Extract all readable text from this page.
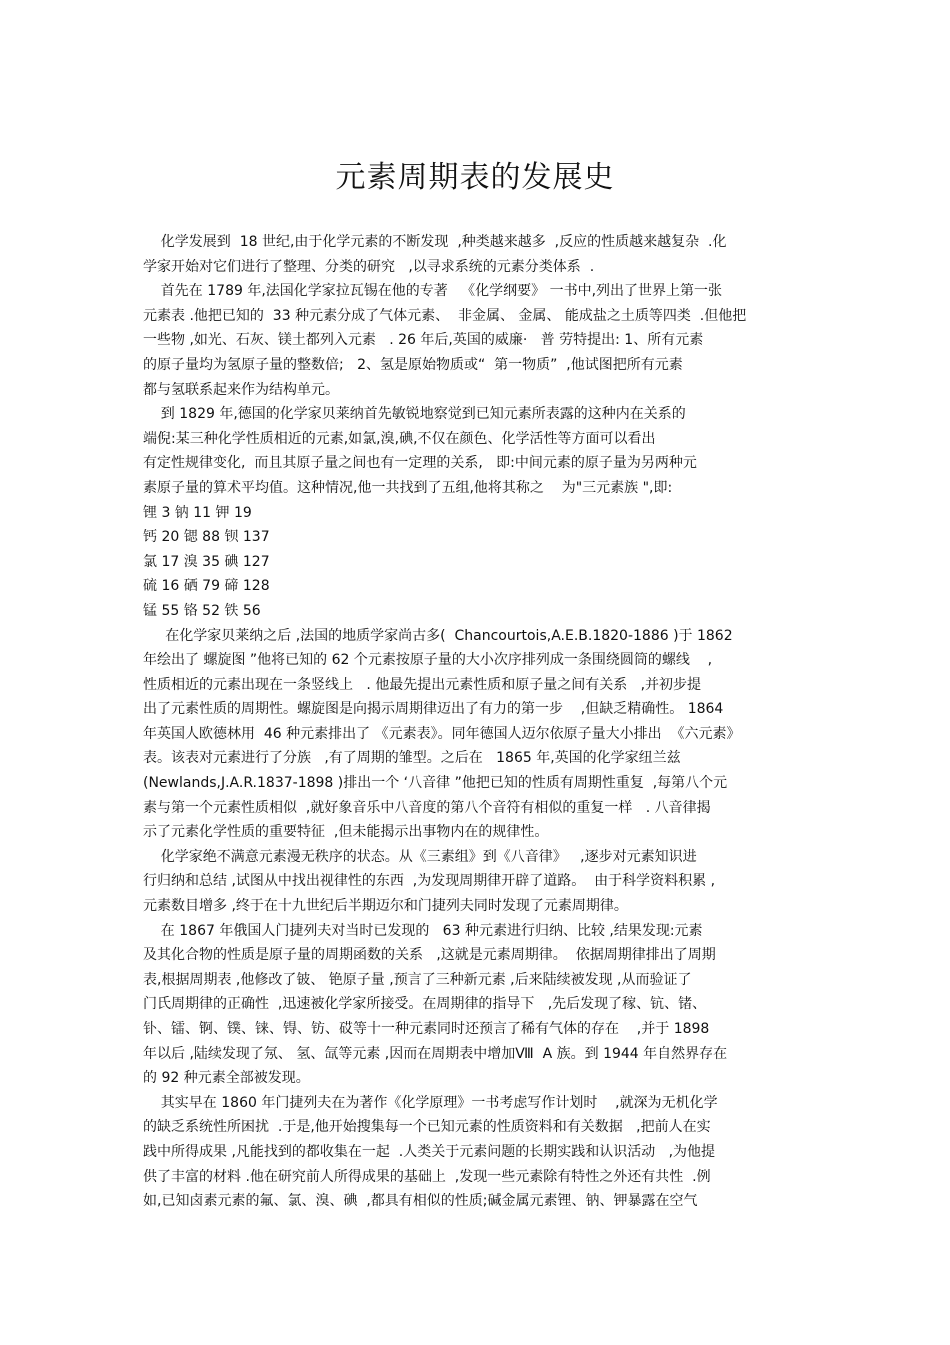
元素周期表的发展史
化学发展到  18 世纪,由于化学元素的不断发现  ,种类越来越多  ,反应的性质越来越复杂  .化
学家开始对它们进行了整理、分类的研究   ,以寻求系统的元素分类体系  .
首先在 1789 年,法国化学家拉瓦锡在他的专著   《化学纲要》 一书中,列出了世界上第一张
元素表 .他把已知的  33 种元素分成了气体元素、  非金属、 金属、 能成盐之土质等四类  .但他把
一些物 ,如光、石灰、镁土都列入元素   . 26 年后,英国的威廉·   普 劳特提出: 1、所有元素
的原子量均为氢原子量的整数倍;   2、氢是原始物质或“  第一物质”  ,他试图把所有元素
都与氢联系起来作为结构单元。
到 1829 年,德国的化学家贝莱纳首先敏锐地察觉到已知元素所表露的这种内在关系的
端倪:某三种化学性质相近的元素,如氯,溴,碘,不仅在颜色、化学活性等方面可以看出
有定性规律变化,  而且其原子量之间也有一定理的关系,   即:中间元素的原子量为另两种元
素原子量的算术平均值。这种情况,他一共找到了五组,他将其称之    为"三元素族 ",即:
锂 3 钠 11 钾 19
钙 20 锶 88 钡 137
氯 17 溴 35 碘 127
硫 16 硒 79 碲 128
锰 55 铬 52 铁 56
在化学家贝莱纳之后 ,法国的地质学家尚古多(  Chancourtois,A.E.B.1820-1886 )于 1862
年绘出了 螺旋图 ”他将已知的 62 个元素按原子量的大小次序排列成一条围绕圆筒的螺线    ,
性质相近的元素出现在一条竖线上   . 他最先提出元素性质和原子量之间有关系   ,并初步提
出了元素性质的周期性。螺旋图是向揭示周期律迈出了有力的第一步    ,但缺乏精确性。 1864
年英国人欧德林用  46 种元素排出了 《元素表》。同年德国人迈尔依原子量大小排出  《六元素》
表。该表对元素进行了分族   ,有了周期的雏型。之后在   1865 年,英国的化学家纽兰兹
(Newlands,J.A.R.1837-1898 )排出一个 ‘八音律 ”他把已知的性质有周期性重复  ,每第八个元
素与第一个元素性质相似  ,就好象音乐中八音度的第八个音符有相似的重复一样   . 八音律揭
示了元素化学性质的重要特征  ,但未能揭示出事物内在的规律性。
化学家绝不满意元素漫无秩序的状态。从《三素组》到《八音律》   ,逐步对元素知识进
行归纳和总结 ,试图从中找出视律性的东西  ,为发现周期律开辟了道路。  由于科学资料积累 ,
元素数目增多 ,终于在十九世纪后半期迈尔和门捷列夫同时发现了元素周期律。
在 1867 年俄国人门捷列夫对当时已发现的   63 种元素进行归纳、比较 ,结果发现:元素
及其化合物的性质是原子量的周期函数的关系   ,这就是元素周期律。  依据周期律排出了周期
表,根据周期表 ,他修改了铍、 铯原子量 ,预言了三种新元素 ,后来陆续被发现 ,从而验证了
门氏周期律的正确性  ,迅速被化学家所接受。在周期律的指导下   ,先后发现了稼、钪、锗、
钋、镭、锕、镤、铼、锝、钫、砹等十一种元素同时还预言了稀有气体的存在    ,并于 1898
年以后 ,陆续发现了氖、 氢、氙等元素 ,因而在周期表中增加Ⅷ  A 族。到 1944 年自然界存在
的 92 种元素全部被发现。
其实早在 1860 年门捷列夫在为著作《化学原理》一书考虑写作计划时    ,就深为无机化学
的缺乏系统性所困扰  .于是,他开始搜集每一个已知元素的性质资料和有关数据   ,把前人在实
践中所得成果 ,凡能找到的都收集在一起  .人类关于元素问题的长期实践和认识活动   ,为他提
供了丰富的材料 .他在研究前人所得成果的基础上  ,发现一些元素除有特性之外还有共性  .例
如,已知卤素元素的氟、氯、溴、碘  ,都具有相似的性质;碱金属元素锂、钠、钾暴露在空气
